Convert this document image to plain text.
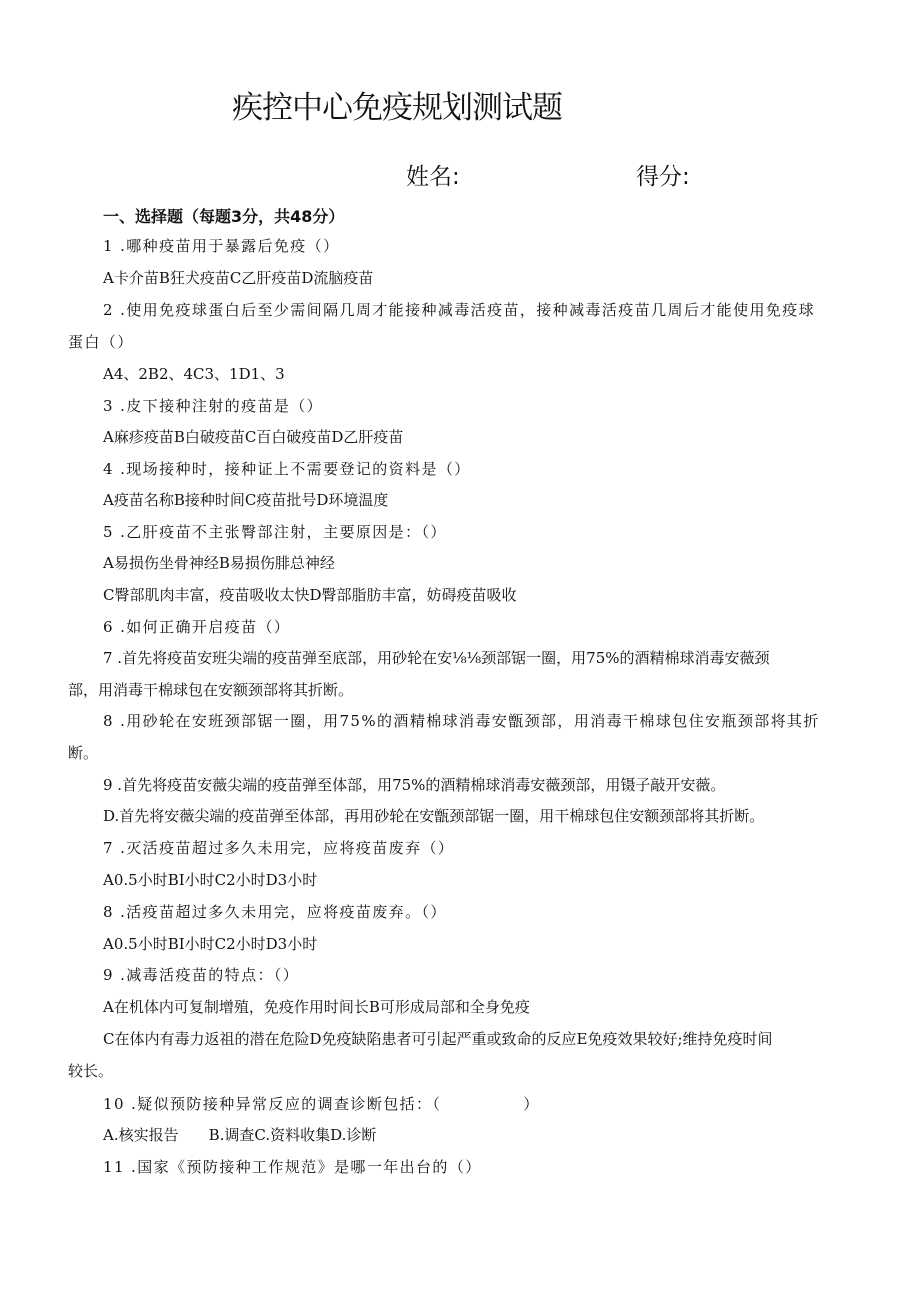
疾控中心免疫规划测试题
姓名:	得分:
一、选择题（每题3分，共48分）
1 .哪种疫苗用于暴露后免疫（）
A卡介苗B狂犬疫苗C乙肝疫苗D流脑疫苗
2 .使用免疫球蛋白后至少需间隔几周才能接种减毒活疫苗，接种减毒活疫苗几周后才能使用免疫球
蛋白（）
A4、2B2、4C3、1D1、3
3 .皮下接种注射的疫苗是（）
A麻疹疫苗B白破疫苗C百白破疫苗D乙肝疫苗
4 .现场接种时，接种证上不需要登记的资料是（）
A疫苗名称B接种时间C疫苗批号D环境温度
5 .乙肝疫苗不主张臀部注射，主要原因是：（）
A易损伤坐骨神经B易损伤腓总神经
C臀部肌肉丰富，疫苗吸收太快D臀部脂肪丰富，妨碍疫苗吸收
6 .如何正确开启疫苗（）
7 .首先将疫苗安班尖端的疫苗弹至底部，用砂轮在安⅛⅛颈部锯一圈，用75%的酒精棉球消毒安薇颈
部，用消毒干棉球包在安额颈部将其折断。
8 .用砂轮在安班颈部锯一圈，用75%的酒精棉球消毒安甑颈部，用消毒干棉球包住安瓶颈部将其折
断。
9 .首先将疫苗安薇尖端的疫苗弹至体部，用75%的酒精棉球消毒安薇颈部，用镊子敲开安薇。
D.首先将安薇尖端的疫苗弹至体部，再用砂轮在安甑颈部锯一圈，用干棉球包住安额颈部将其折断。
7 .灭活疫苗超过多久未用完，应将疫苗废弃（）
A0.5小时BI小时C2小时D3小时
8 .活疫苗超过多久未用完，应将疫苗废弃。（）
A0.5小时BI小时C2小时D3小时
9 .减毒活疫苗的特点：（）
A在机体内可复制增殖，免疫作用时间长B可形成局部和全身免疫
C在体内有毒力返祖的潜在危险D免疫缺陷患者可引起严重或致命的反应E免疫效果较好;维持免疫时间
较长。
10 .疑似预防接种异常反应的调查诊断包括：（　　　　　）
A.核实报告　　B.调查C.资料收集D.诊断
11 .国家《预防接种工作规范》是哪一年出台的（）
